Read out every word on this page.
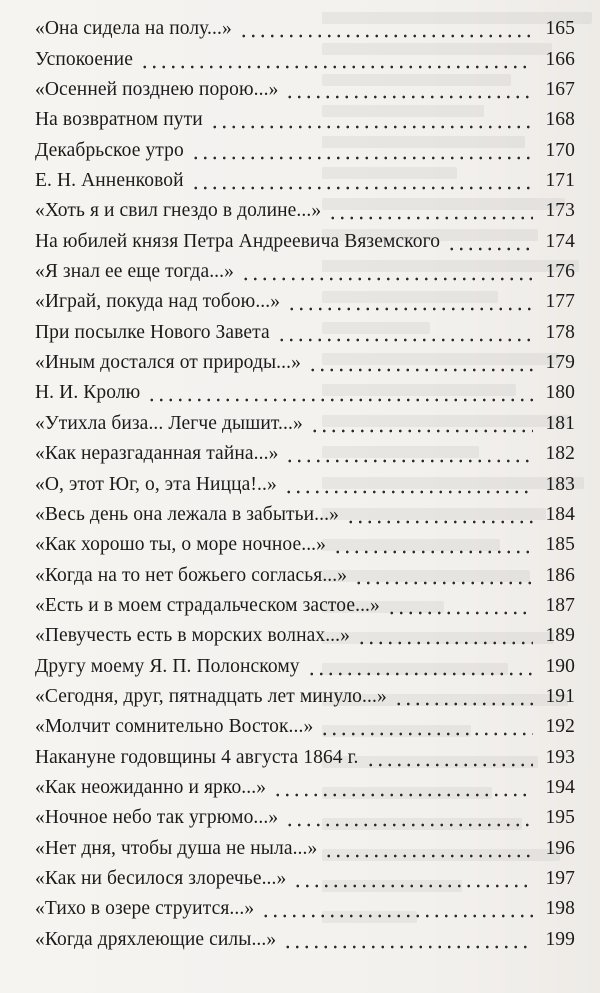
«Она сидела на полу...»	165
Успокоение	166
«Осенней позднею порою...»	167
На возвратном пути	168
Декабрьское утро	170
Е. Н. Анненковой	171
«Хоть я и свил гнездо в долине...»	173
На юбилей князя Петра Андреевича Вяземского	174
«Я знал ее еще тогда...»	176
«Играй, покуда над тобою...»	177
При посылке Нового Завета	178
«Иным достался от природы...»	179
Н. И. Кролю	180
«Утихла биза... Легче дышит...»	181
«Как неразгаданная тайна...»	182
«О, этот Юг, о, эта Ницца!..»	183
«Весь день она лежала в забытьи...»	184
«Как хорошо ты, о море ночное...»	185
«Когда на то нет божьего согласья...»	186
«Есть и в моем страдальческом застое...»	187
«Певучесть есть в морских волнах...»	189
Другу моему Я. П. Полонскому	190
«Сегодня, друг, пятнадцать лет минуло...»	191
«Молчит сомнительно Восток...»	192
Накануне годовщины 4 августа 1864 г.	193
«Как неожиданно и ярко...»	194
«Ночное небо так угрюмо...»	195
«Нет дня, чтобы душа не ныла...»	196
«Как ни бесилося злоречье...»	197
«Тихо в озере струится...»	198
«Когда дряхлеющие силы...»	199
